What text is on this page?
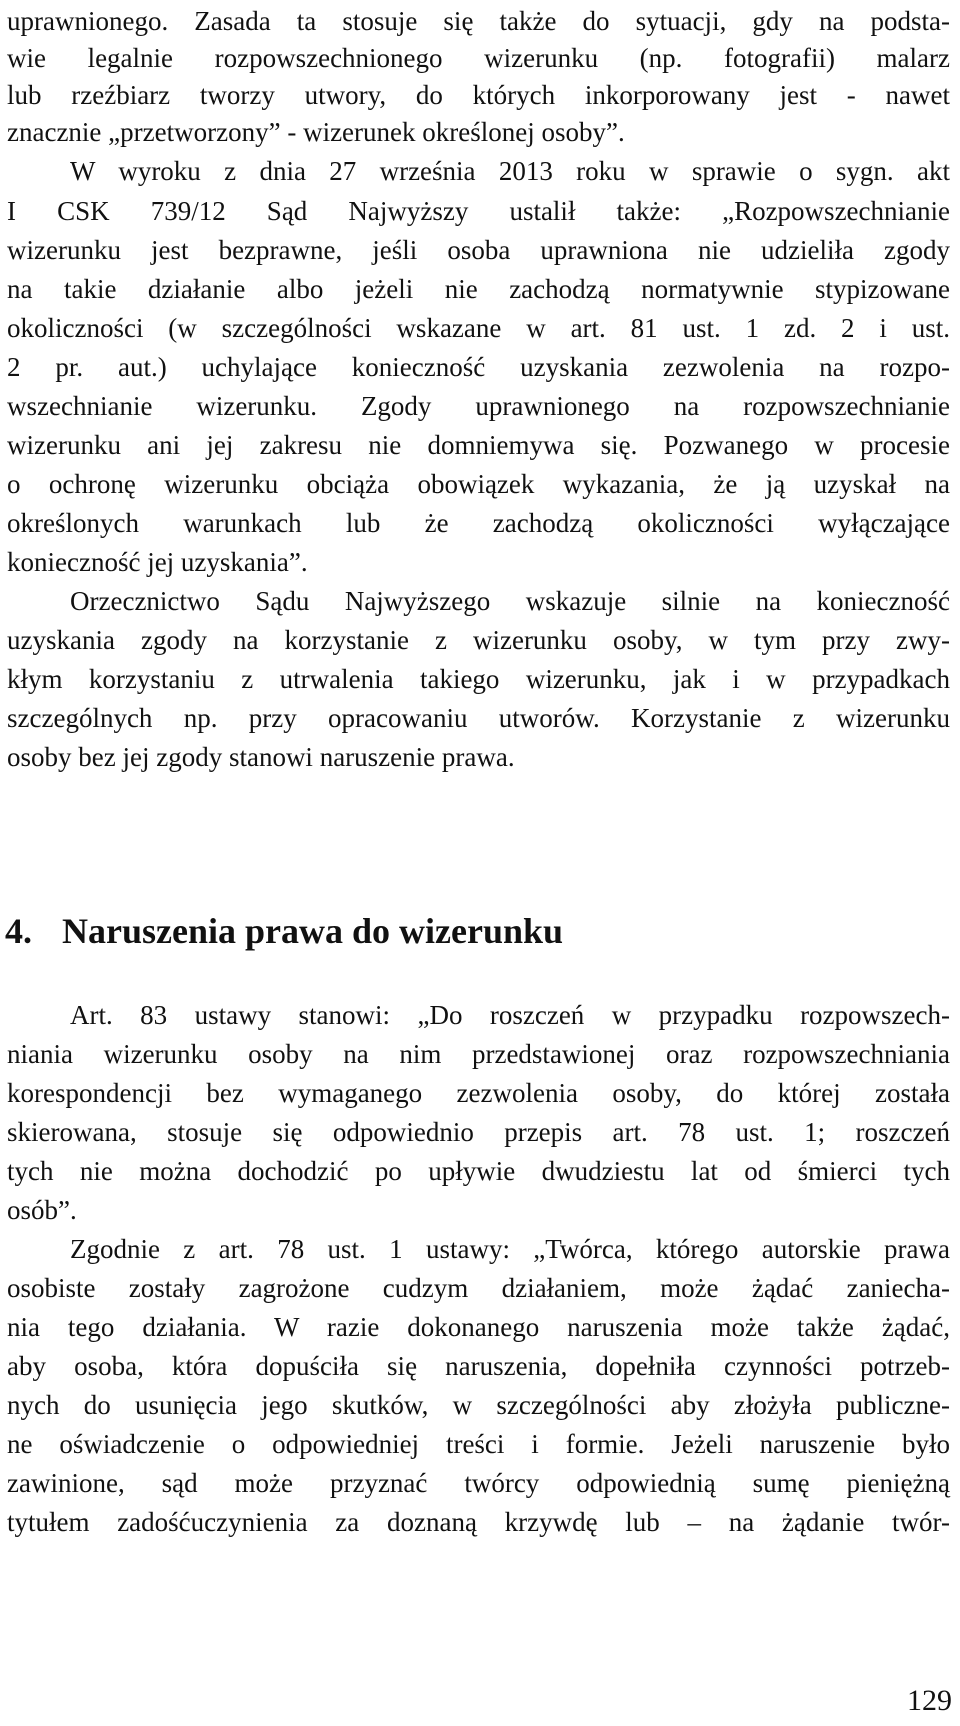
uprawnionego. Zasada ta stosuje się także do sytuacji, gdy na podsta-
wie legalnie rozpowszechnionego wizerunku (np. fotografii) malarz
lub rzeźbiarz tworzy utwory, do których inkorporowany jest - nawet
znacznie „przetworzony” - wizerunek określonej osoby”.
W wyroku z dnia 27 września 2013 roku w sprawie o sygn. akt
I CSK 739/12 Sąd Najwyższy ustalił także: „Rozpowszechnianie
wizerunku jest bezprawne, jeśli osoba uprawniona nie udzieliła zgody
na takie działanie albo jeżeli nie zachodzą normatywnie stypizowane
okoliczności (w szczególności wskazane w art. 81 ust. 1 zd. 2 i ust.
2 pr. aut.) uchylające konieczność uzyskania zezwolenia na rozpo-
wszechnianie wizerunku. Zgody uprawnionego na rozpowszechnianie
wizerunku ani jej zakresu nie domniemywa się. Pozwanego w procesie
o ochronę wizerunku obciąża obowiązek wykazania, że ją uzyskał na
określonych warunkach lub że zachodzą okoliczności wyłączające
konieczność jej uzyskania”.
Orzecznictwo Sądu Najwyższego wskazuje silnie na konieczność
uzyskania zgody na korzystanie z wizerunku osoby, w tym przy zwy-
kłym korzystaniu z utrwalenia takiego wizerunku, jak i w przypadkach
szczególnych np. przy opracowaniu utworów. Korzystanie z wizerunku
osoby bez jej zgody stanowi naruszenie prawa.
4. Naruszenia prawa do wizerunku
Art. 83 ustawy stanowi: „Do roszczeń w przypadku rozpowszech-
niania wizerunku osoby na nim przedstawionej oraz rozpowszechniania
korespondencji bez wymaganego zezwolenia osoby, do której została
skierowana, stosuje się odpowiednio przepis art. 78 ust. 1; roszczeń
tych nie można dochodzić po upływie dwudziestu lat od śmierci tych
osób”.
Zgodnie z art. 78 ust. 1 ustawy: „Twórca, którego autorskie prawa
osobiste zostały zagrożone cudzym działaniem, może żądać zaniecha-
nia tego działania. W razie dokonanego naruszenia może także żądać,
aby osoba, która dopuściła się naruszenia, dopełniła czynności potrzeb-
nych do usunięcia jego skutków, w szczególności aby złożyła publiczne-
ne oświadczenie o odpowiedniej treści i formie. Jeżeli naruszenie było
zawinione, sąd może przyznać twórcy odpowiednią sumę pieniężną
tytułem zadośćuczynienia za doznaną krzywdę lub – na żądanie twór-
129
